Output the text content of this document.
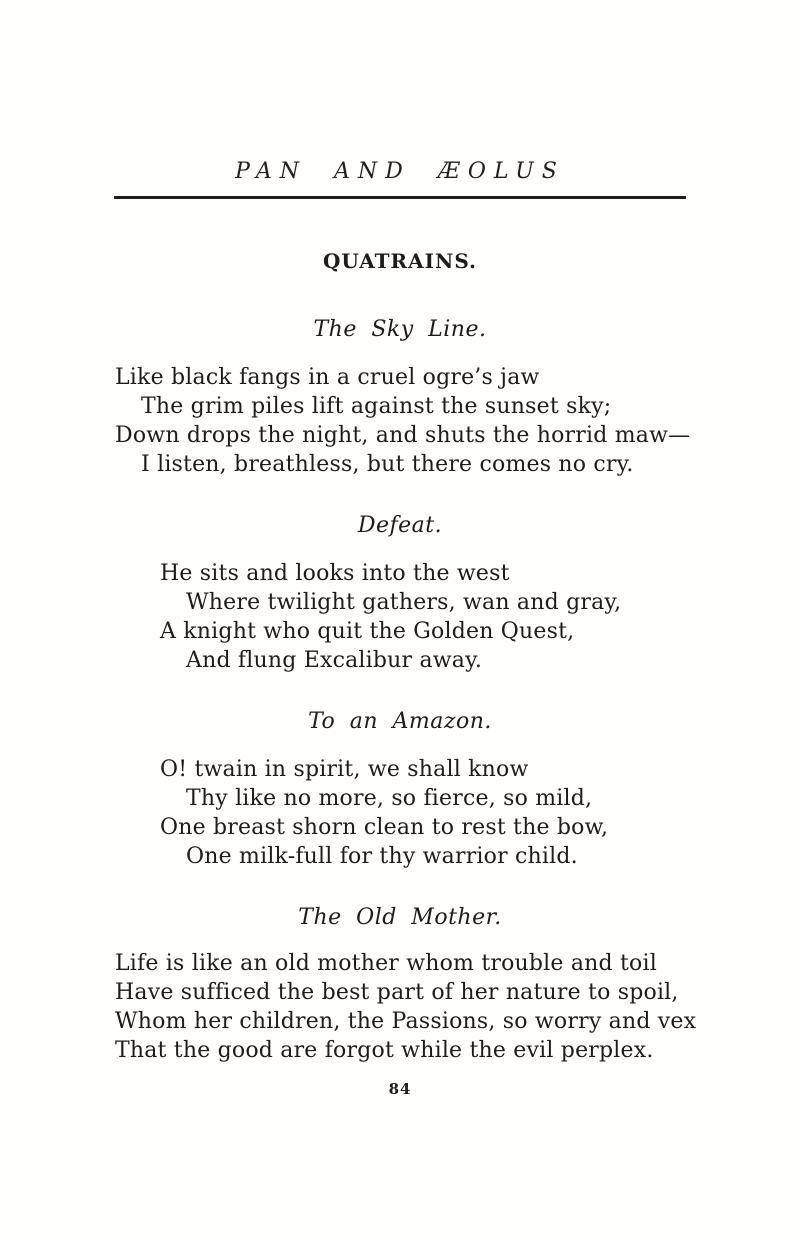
PAN AND ÆOLUS
QUATRAINS.
The Sky Line.

Like black fangs in a cruel ogre’s jaw

The grim piles lift against the sunset sky;

Down drops the night, and shuts the horrid maw—

I listen, breathless, but there comes no cry.

Defeat.

He sits and looks into the west

Where twilight gathers, wan and gray,

A knight who quit the Golden Quest,

And flung Excalibur away.

To an Amazon.

O! twain in spirit, we shall know

Thy like no more, so fierce, so mild,

One breast shorn clean to rest the bow,

One milk-full for thy warrior child.

The Old Mother.

Life is like an old mother whom trouble and toil

Have sufficed the best part of her nature to spoil,

Whom her children, the Passions, so worry and vex

That the good are forgot while the evil perplex.

84
